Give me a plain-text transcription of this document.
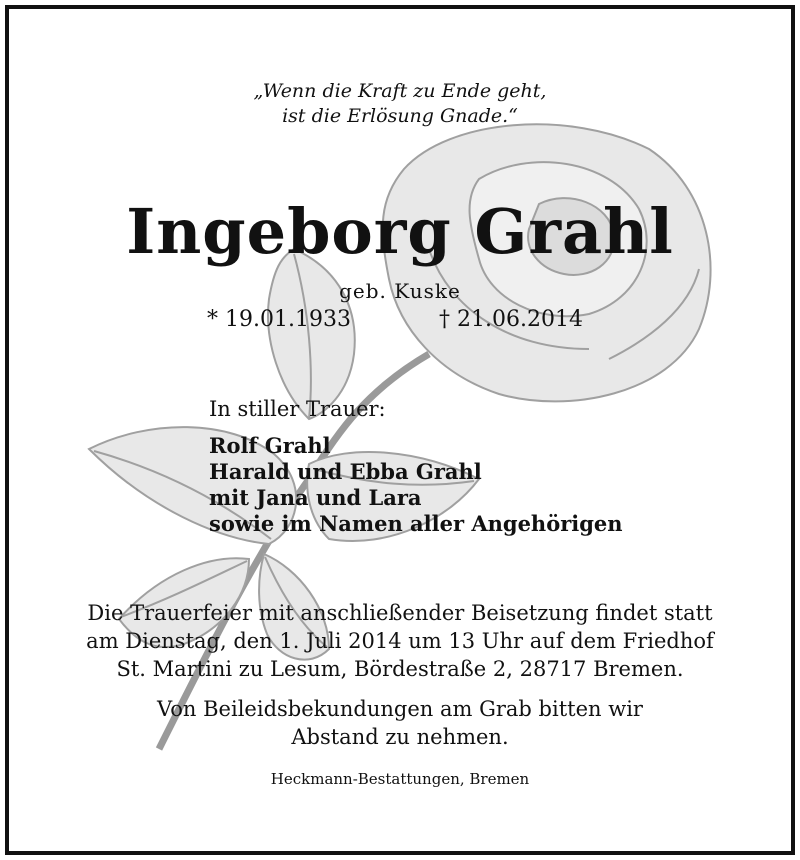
„Wenn die Kraft zu Ende geht,
ist die Erlösung Gnade.“
Ingeborg Grahl
geb. Kuske
* 19.01.1933	† 21.06.2014
In stiller Trauer:
Rolf Grahl
Harald und Ebba Grahl
mit Jana und Lara
sowie im Namen aller Angehörigen
Die Trauerfeier mit anschließender Beisetzung findet statt
am Dienstag, den 1. Juli 2014 um 13 Uhr auf dem Friedhof
St. Martini zu Lesum, Bördestraße 2, 28717 Bremen.
Von Beileidsbekundungen am Grab bitten wir
Abstand zu nehmen.
Heckmann-Bestattungen, Bremen
